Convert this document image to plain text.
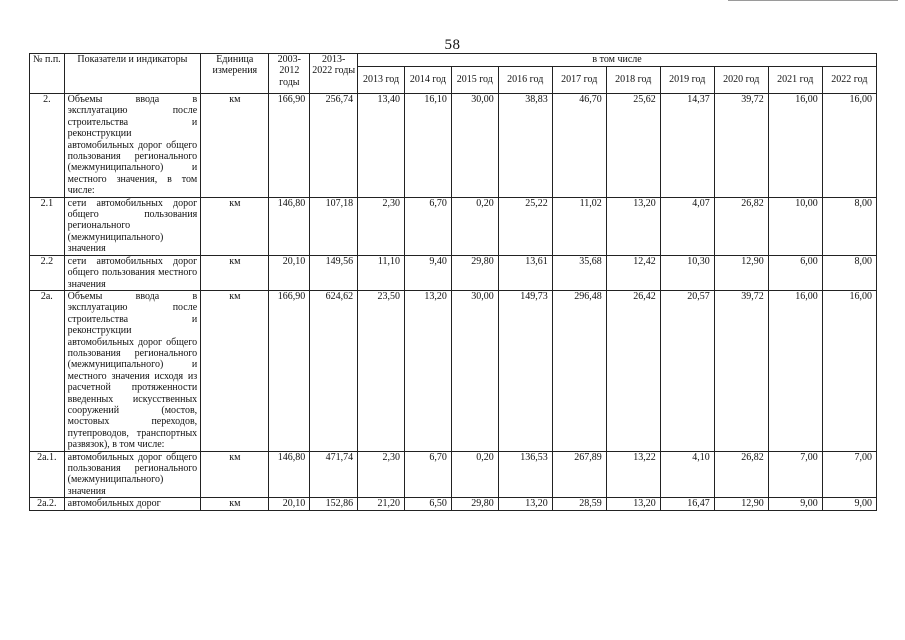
58
№ п.п.	Показатели и индикаторы	Единица измерения	2003-2012 годы	2013-2022 годы	в том числе									
					2013 год	2014 год	2015 год	2016 год	2017 год	2018 год	2019 год	2020 год	2021 год	2022 год
2.	Объемы ввода в эксплуатацию после строительства и реконструкции автомобильных дорог общего пользования регионального (межмуниципального) и местного значения, в том числе:	км	166,90	256,74	13,40	16,10	30,00	38,83	46,70	25,62	14,37	39,72	16,00	16,00
2.1	сети автомобильных дорог общего пользования регионального (межмуниципального) значения	км	146,80	107,18	2,30	6,70	0,20	25,22	11,02	13,20	4,07	26,82	10,00	8,00
2.2	сети автомобильных дорог общего пользования местного значения	км	20,10	149,56	11,10	9,40	29,80	13,61	35,68	12,42	10,30	12,90	6,00	8,00
2а.	Объемы ввода в эксплуатацию после строительства и реконструкции автомобильных дорог общего пользования регионального (межмуниципального) и местного значения исходя из расчетной протяженности введенных искусственных сооружений (мостов, мостовых переходов, путепроводов, транспортных развязок), в том числе:	км	166,90	624,62	23,50	13,20	30,00	149,73	296,48	26,42	20,57	39,72	16,00	16,00
2а.1.	автомобильных дорог общего пользования регионального (межмуниципального) значения	км	146,80	471,74	2,30	6,70	0,20	136,53	267,89	13,22	4,10	26,82	7,00	7,00
2а.2.	автомобильных дорог	км	20,10	152,86	21,20	6,50	29,80	13,20	28,59	13,20	16,47	12,90	9,00	9,00
